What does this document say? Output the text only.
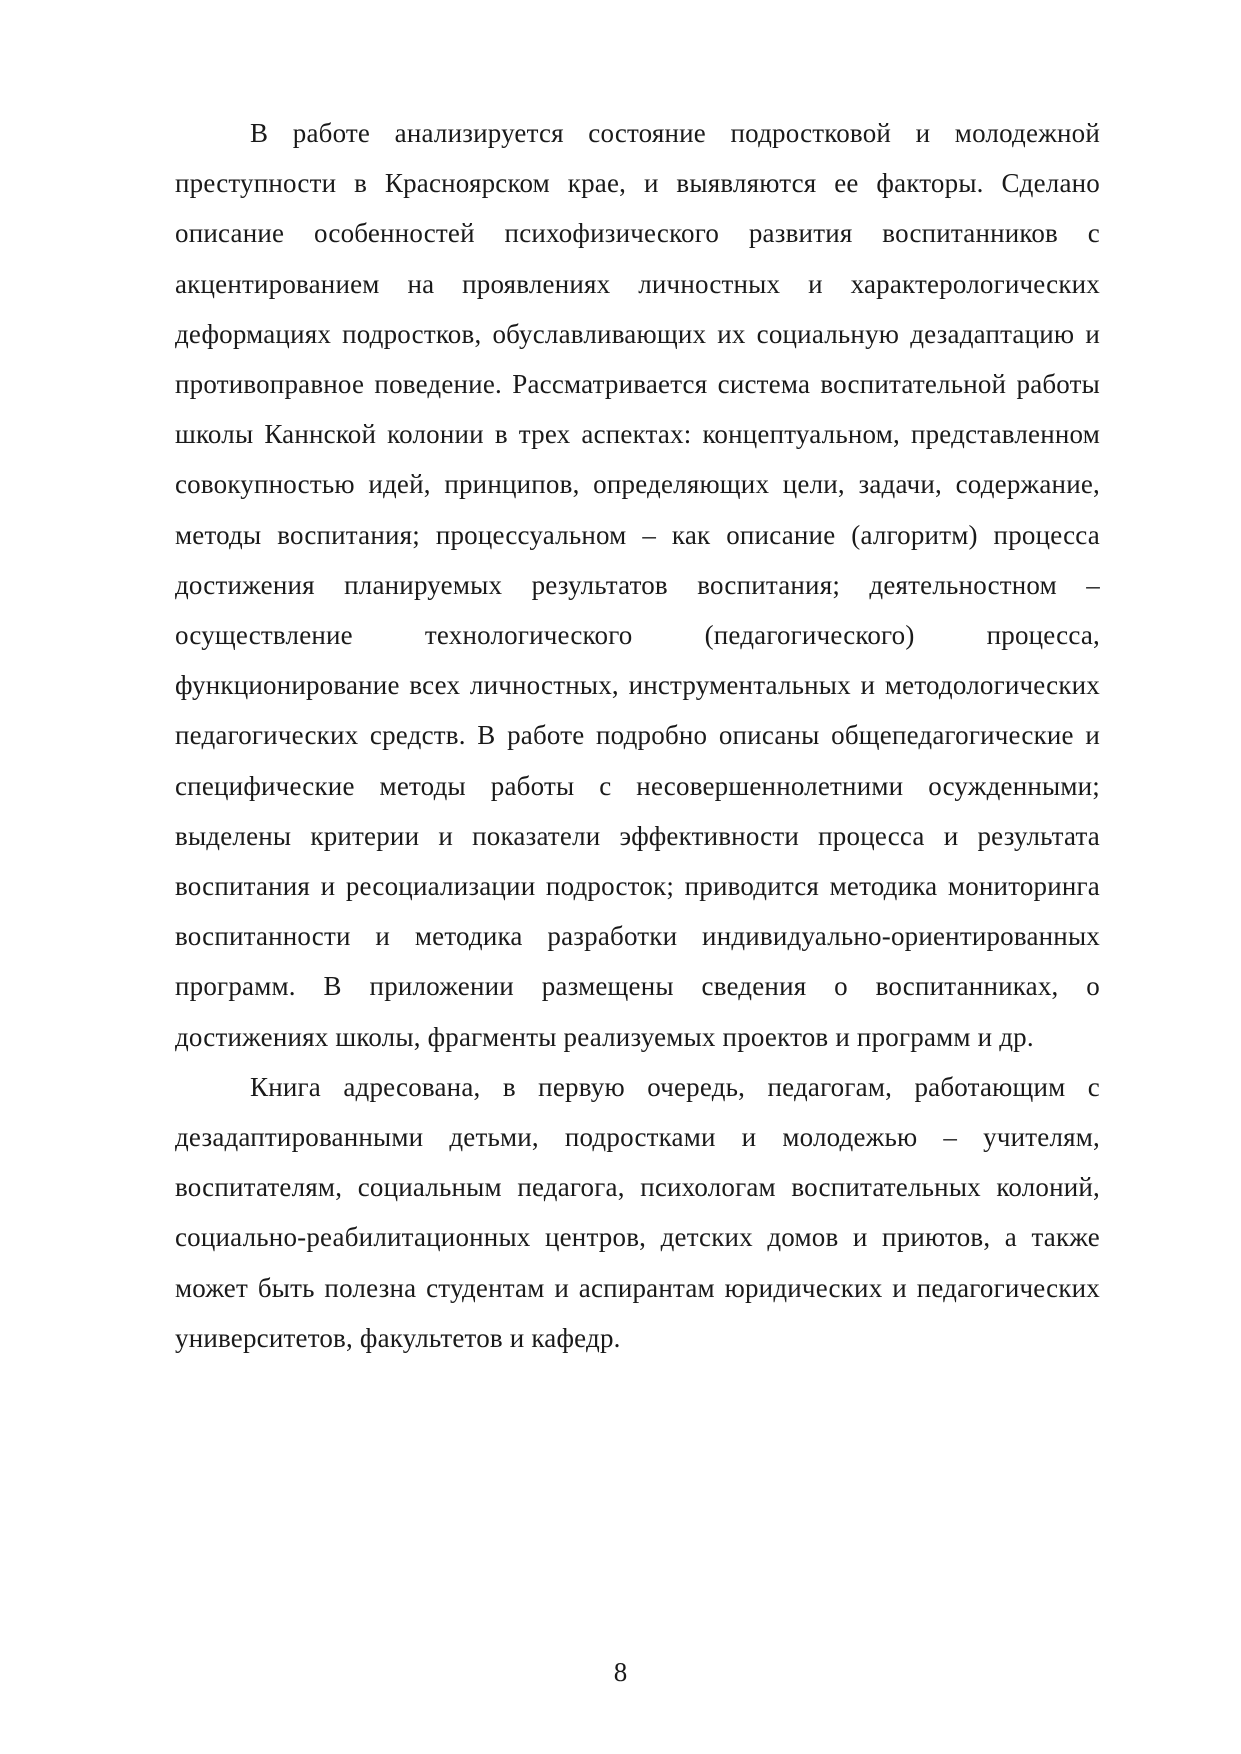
В работе анализируется состояние подростковой и молодежной преступности в Красноярском крае, и выявляются ее факторы. Сделано описание особенностей психофизического развития воспитанников с акцентированием на проявлениях личностных и характерологических деформациях подростков, обуславливающих их социальную дезадаптацию и противоправное поведение. Рассматривается система воспитательной работы школы Каннской колонии в трех аспектах: концептуальном, представленном совокупностью идей, принципов, определяющих цели, задачи, содержание, методы воспитания; процессуальном – как описание (алгоритм) процесса достижения планируемых результатов воспитания; деятельностном – осуществление технологического (педагогического) процесса, функционирование всех личностных, инструментальных и методологических педагогических средств. В работе подробно описаны общепедагогические и специфические методы работы с несовершеннолетними осужденными; выделены критерии и показатели эффективности процесса и результата воспитания и ресоциализации подросток; приводится методика мониторинга воспитанности и методика разработки индивидуально-ориентированных программ. В приложении размещены сведения о воспитанниках, о достижениях школы, фрагменты реализуемых проектов и программ и др.

Книга адресована, в первую очередь, педагогам, работающим с дезадаптированными детьми, подростками и молодежью – учителям, воспитателям, социальным педагога, психологам воспитательных колоний, социально-реабилитационных центров, детских домов и приютов, а также может быть полезна студентам и аспирантам юридических и педагогических университетов, факультетов и кафедр.

8
